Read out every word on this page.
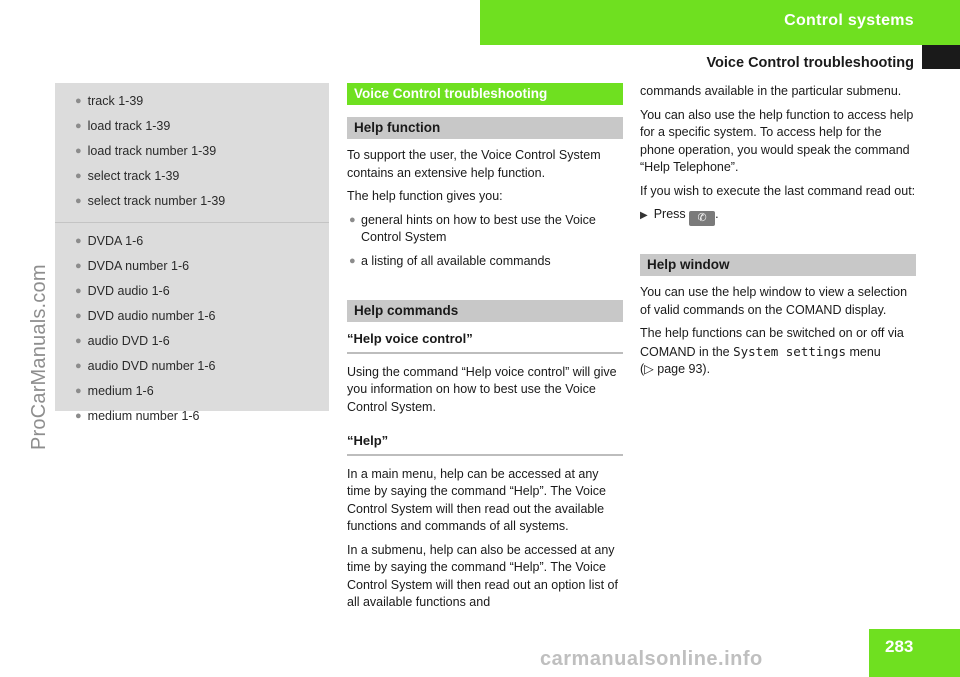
Control systems
Voice Control troubleshooting
ProCarManuals.com
● track 1-39
● load track 1-39
● load track number 1-39
● select track 1-39
● select track number 1-39
● DVDA 1-6
● DVDA number 1-6
● DVD audio 1-6
● DVD audio number 1-6
● audio DVD 1-6
● audio DVD number 1-6
● medium 1-6
● medium number 1-6
Voice Control troubleshooting
Help function

To support the user, the Voice Control System contains an extensive help function.

The help function gives you:

● general hints on how to best use the Voice Control System
● a listing of all available commands
Help commands
“Help voice control”

Using the command “Help voice control” will give you information on how to best use the Voice Control System.

“Help”

In a main menu, help can be accessed at any time by saying the command “Help”. The Voice Control System will then read out the available functions and commands of all systems.

In a submenu, help can also be accessed at any time by saying the command “Help”. The Voice Control System will then read out an option list of all available functions and

commands available in the particular submenu.

You can also use the help function to access help for a specific system. To access help for the phone operation, you would speak the command “Help Telephone”.

If you wish to execute the last command read out:

▶ Press ✆ .

Help window

You can use the help window to view a selection of valid commands on the COMAND display.

The help functions can be switched on or off via COMAND in the System settings menu
(▷ page 93).

283
carmanualsonline.info
